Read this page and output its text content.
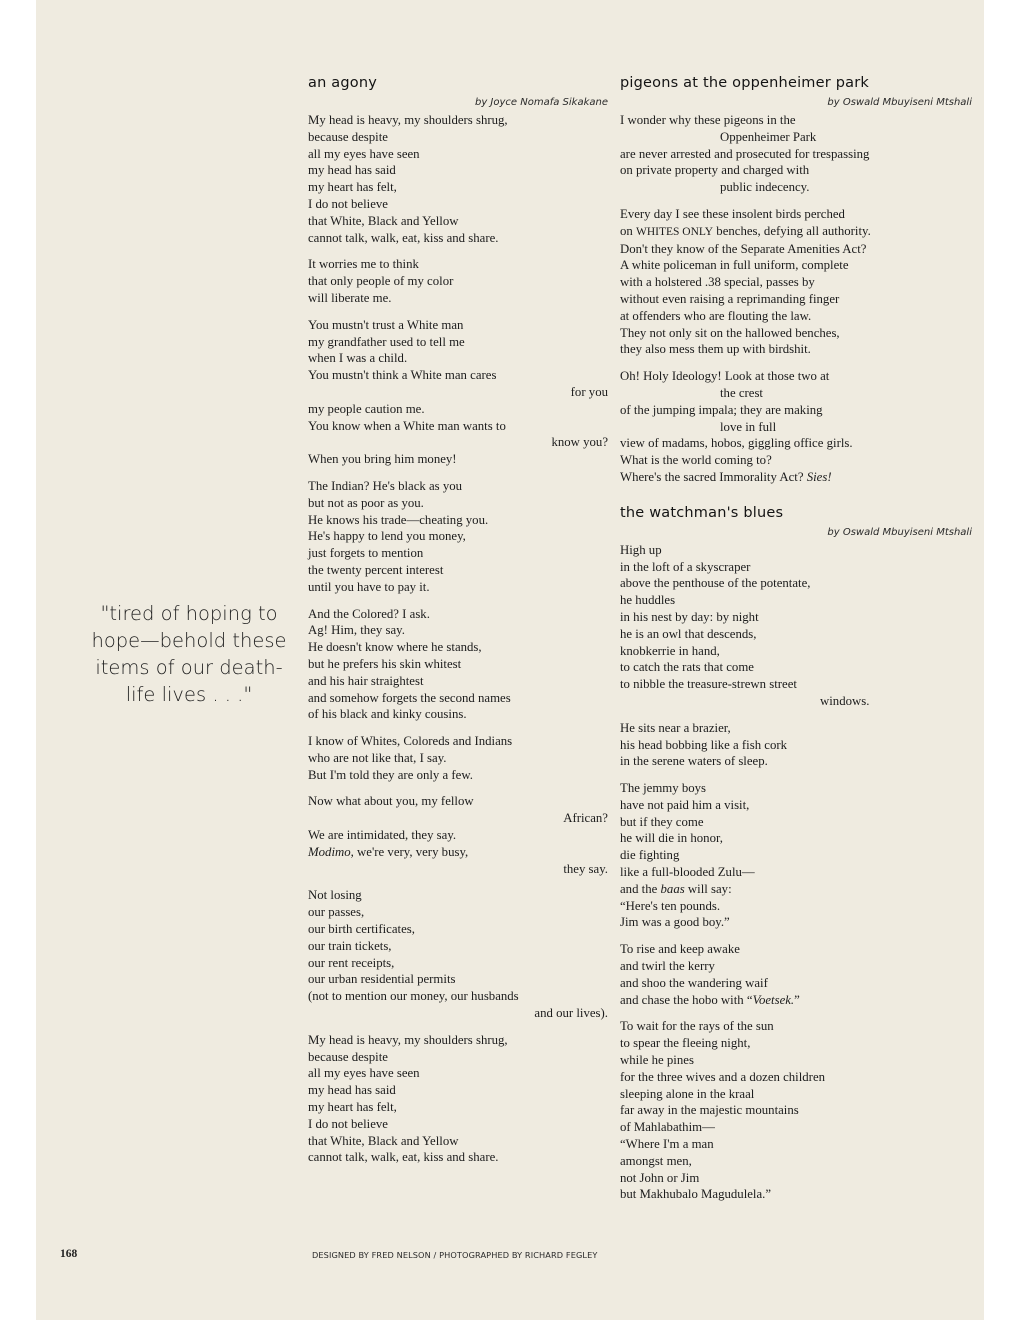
"tired of hoping to hope—behold these items of our death-life lives . . ."
an agony
by Joyce Nomafa Sikakane
My head is heavy, my shoulders shrug,
because despite
all my eyes have seen
my head has said
my heart has felt,
I do not believe
that White, Black and Yellow
cannot talk, walk, eat, kiss and share.
It worries me to think
that only people of my color
will liberate me.
You mustn't trust a White man
my grandfather used to tell me
when I was a child.
You mustn't think a White man cares
for you
my people caution me.
You know when a White man wants to
know you?
When you bring him money!
The Indian? He's black as you
but not as poor as you.
He knows his trade—cheating you.
He's happy to lend you money,
just forgets to mention
the twenty percent interest
until you have to pay it.
And the Colored? I ask.
Ag! Him, they say.
He doesn't know where he stands,
but he prefers his skin whitest
and his hair straightest
and somehow forgets the second names
of his black and kinky cousins.
I know of Whites, Coloreds and Indians
who are not like that, I say.
But I'm told they are only a few.
Now what about you, my fellow
African?
We are intimidated, they say.
Modimo, we're very, very busy,
they say.
Not losing
our passes,
our birth certificates,
our train tickets,
our rent receipts,
our urban residential permits
(not to mention our money, our husbands
and our lives).
My head is heavy, my shoulders shrug,
because despite
all my eyes have seen
my head has said
my heart has felt,
I do not believe
that White, Black and Yellow
cannot talk, walk, eat, kiss and share.
pigeons at the oppenheimer park
by Oswald Mbuyiseni Mtshali
I wonder why these pigeons in the
Oppenheimer Park
are never arrested and prosecuted for trespassing
on private property and charged with
public indecency.
Every day I see these insolent birds perched
on WHITES ONLY benches, defying all authority.
Don't they know of the Separate Amenities Act?
A white policeman in full uniform, complete
with a holstered .38 special, passes by
without even raising a reprimanding finger
at offenders who are flouting the law.
They not only sit on the hallowed benches,
they also mess them up with birdshit.
Oh! Holy Ideology! Look at those two at
the crest
of the jumping impala; they are making
love in full
view of madams, hobos, giggling office girls.
What is the world coming to?
Where's the sacred Immorality Act? Sies!
the watchman's blues
by Oswald Mbuyiseni Mtshali
High up
in the loft of a skyscraper
above the penthouse of the potentate,
he huddles
in his nest by day: by night
he is an owl that descends,
knobkerrie in hand,
to catch the rats that come
to nibble the treasure-strewn street
windows.
He sits near a brazier,
his head bobbing like a fish cork
in the serene waters of sleep.
The jemmy boys
have not paid him a visit,
but if they come
he will die in honor,
die fighting
like a full-blooded Zulu—
and the baas will say:
“Here's ten pounds.
Jim was a good boy.”
To rise and keep awake
and twirl the kerry
and shoo the wandering waif
and chase the hobo with “Voetsek.”
To wait for the rays of the sun
to spear the fleeing night,
while he pines
for the three wives and a dozen children
sleeping alone in the kraal
far away in the majestic mountains
of Mahlabathim—
“Where I'm a man
amongst men,
not John or Jim
but Makhubalo Magudulela.”
168	DESIGNED BY FRED NELSON / PHOTOGRAPHED BY RICHARD FEGLEY
